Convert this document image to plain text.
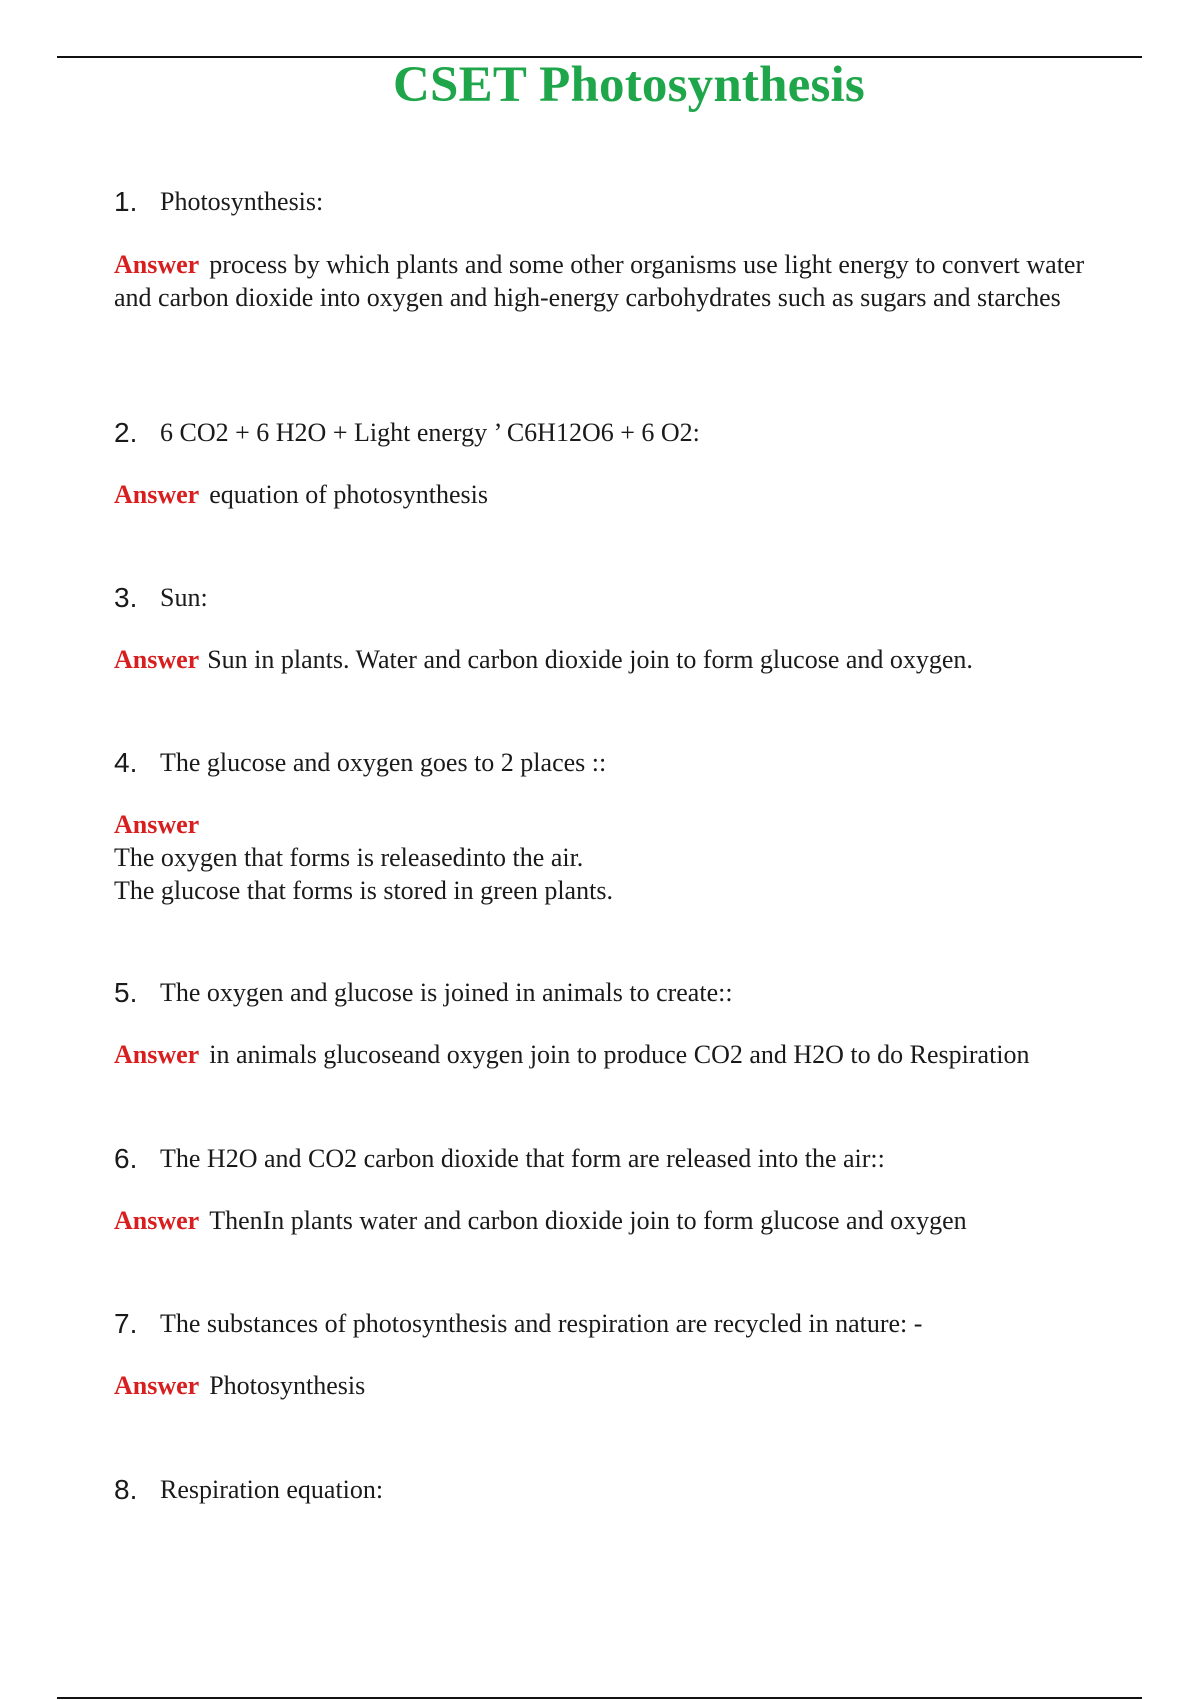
CSET Photosynthesis
1. Photosynthesis:
Answer process by which plants and some other organisms use light energy to convert water and carbon dioxide into oxygen and high-energy carbohydrates such as sugars and starches
2. 6 CO2 + 6 H2O + Light energy ’ C6H12O6 + 6 O2:
Answer equation of photosynthesis
3. Sun:
Answer Sun in plants. Water and carbon dioxide join to form glucose and oxygen.
4. The glucose and oxygen goes to 2 places ::
Answer
The oxygen that forms is releasedinto the air.
The glucose that forms is stored in green plants.
5. The oxygen and glucose is joined in animals to create::
Answer in animals glucoseand oxygen join to produce CO2 and H2O to do Respiration
6. The H2O and CO2 carbon dioxide that form are released into the air::
Answer ThenIn plants water and carbon dioxide join to form glucose and oxygen
7. The substances of photosynthesis and respiration are recycled in nature: -
Answer Photosynthesis
8. Respiration equation:
